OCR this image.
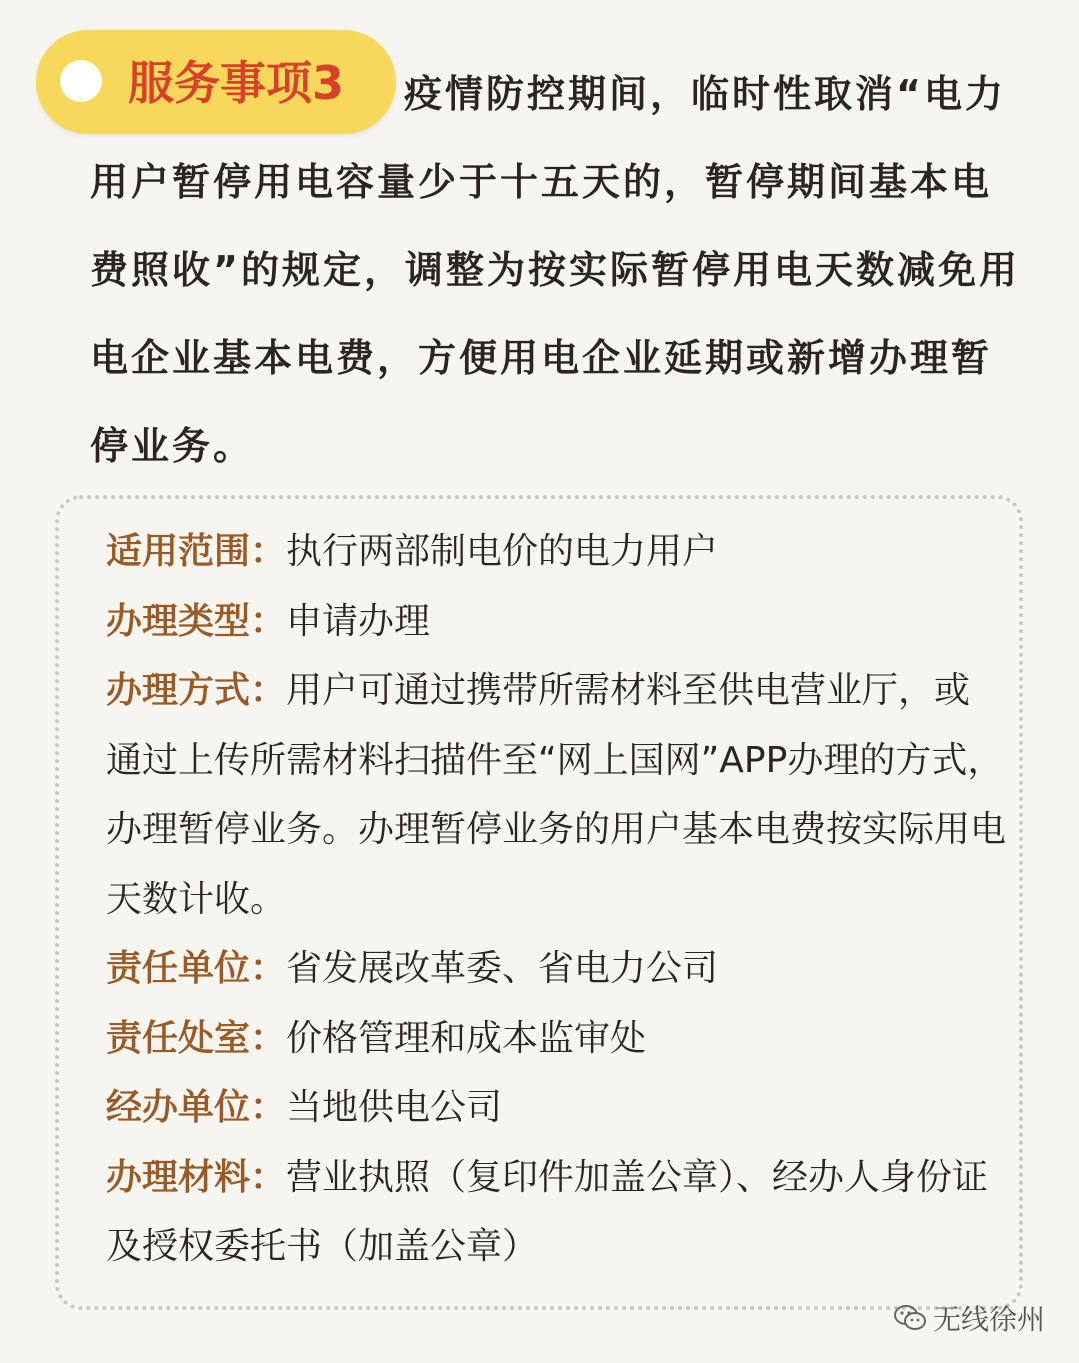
服务事项3	疫情防控期间，临时性取消“电力用户暂停用电容量少于十五天的，暂停期间基本电费照收”的规定，调整为按实际暂停用电天数减免用电企业基本电费，方便用电企业延期或新增办理暂停业务。

适用范围：执行两部制电价的电力用户

办理类型：申请办理

办理方式：用户可通过携带所需材料至供电营业厅，或通过上传所需材料扫描件至“网上国网”APP办理的方式，办理暂停业务。办理暂停业务的用户基本电费按实际用电天数计收。

责任单位：省发展改革委、省电力公司

责任处室：价格管理和成本监审处

经办单位：当地供电公司

办理材料：营业执照（复印件加盖公章）、经办人身份证及授权委托书（加盖公章）

无线徐州
